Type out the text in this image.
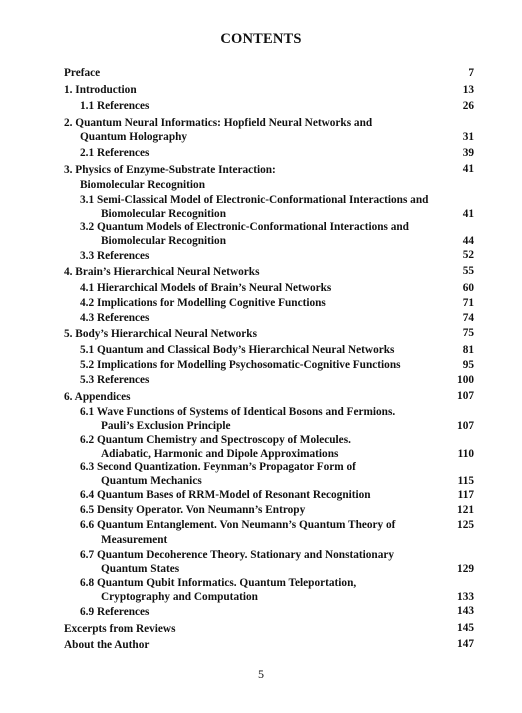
CONTENTS
Preface	7
1. Introduction	13
1.1 References	26
2. Quantum Neural Informatics: Hopfield Neural Networks and
Quantum Holography	31
2.1 References	39
3. Physics of Enzyme-Substrate Interaction:	41
Biomolecular Recognition
3.1 Semi-Classical Model of Electronic-Conformational Interactions and
Biomolecular Recognition	41
3.2 Quantum Models of Electronic-Conformational Interactions and
Biomolecular Recognition	44
3.3 References	52
4. Brain’s Hierarchical Neural Networks	55
4.1 Hierarchical Models of Brain’s Neural Networks	60
4.2 Implications for Modelling Cognitive Functions	71
4.3 References	74
5. Body’s Hierarchical Neural Networks	75
5.1 Quantum and Classical Body’s Hierarchical Neural Networks	81
5.2 Implications for Modelling Psychosomatic-Cognitive Functions	95
5.3 References	100
6. Appendices	107
6.1 Wave Functions of Systems of Identical Bosons and Fermions.
Pauli’s Exclusion Principle	107
6.2 Quantum Chemistry and Spectroscopy of Molecules.
Adiabatic, Harmonic and Dipole Approximations	110
6.3 Second Quantization. Feynman’s Propagator Form of
Quantum Mechanics	115
6.4 Quantum Bases of RRM-Model of Resonant Recognition	117
6.5 Density Operator. Von Neumann’s Entropy	121
6.6 Quantum Entanglement. Von Neumann’s Quantum Theory of	125
Measurement
6.7 Quantum Decoherence Theory. Stationary and Nonstationary
Quantum States	129
6.8 Quantum Qubit Informatics. Quantum Teleportation,
Cryptography and Computation	133
6.9 References	143
Excerpts from Reviews	145
About the Author	147
5
